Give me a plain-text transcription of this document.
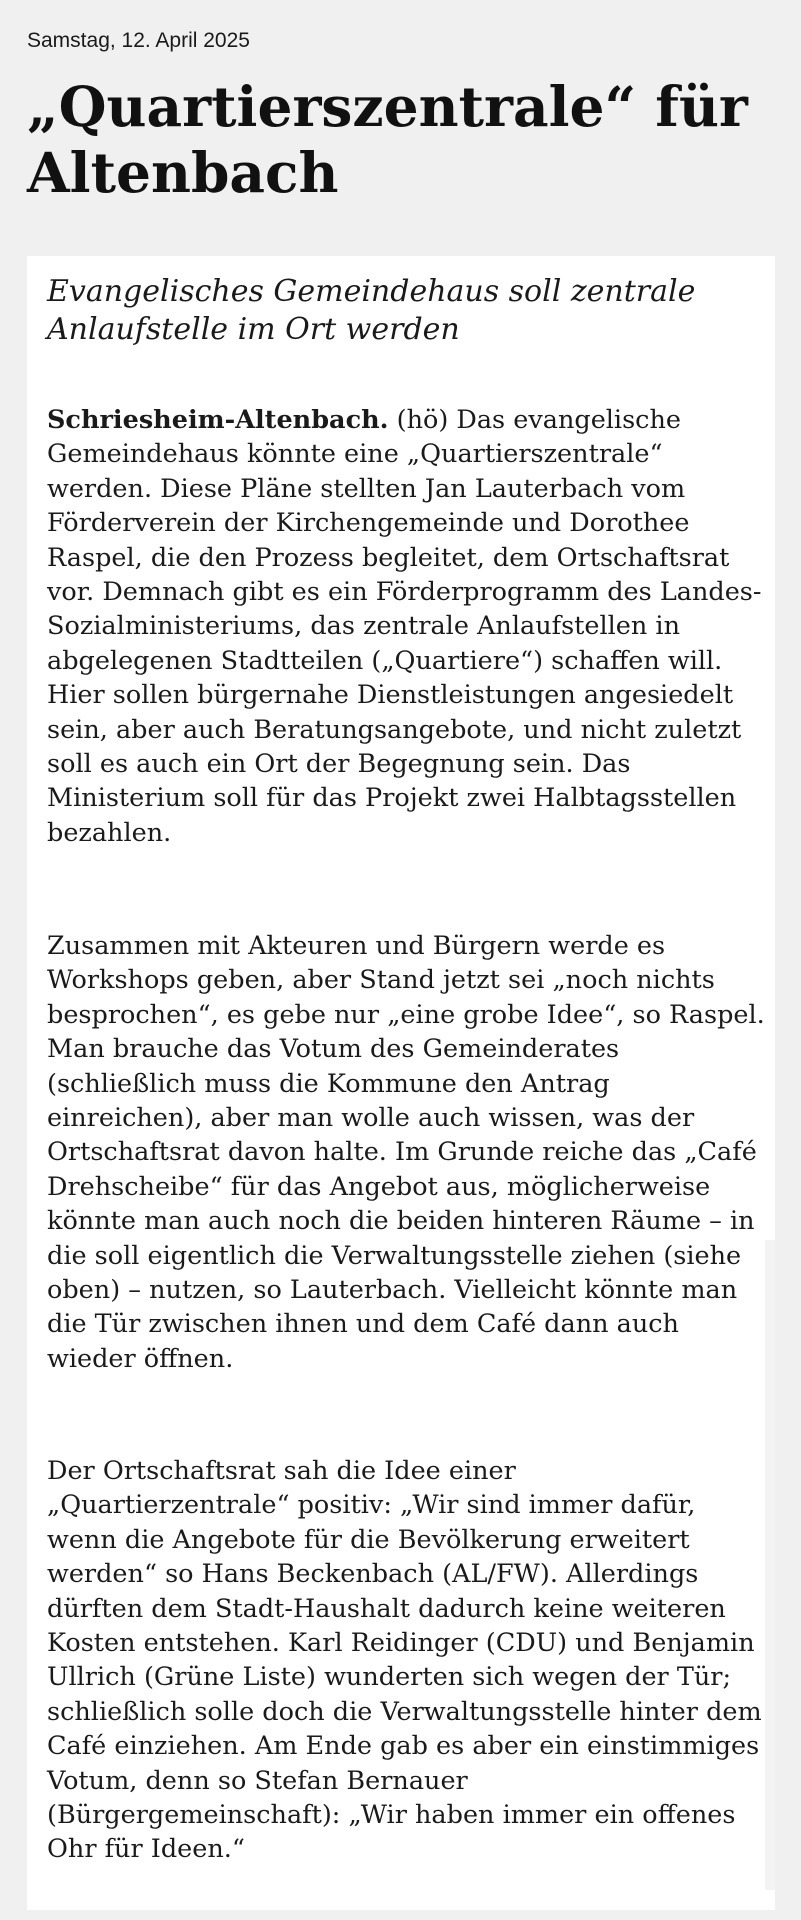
Samstag, 12. April 2025
„Quartierszentrale“ für Altenbach
Evangelisches Gemeindehaus soll zentrale Anlaufstelle im Ort werden

Schriesheim-Altenbach. (hö) Das evangelische Gemeindehaus könnte eine „Quartierszentrale“ werden. Diese Pläne stellten Jan Lauterbach vom Förderverein der Kirchengemeinde und Dorothee Raspel, die den Prozess begleitet, dem Ortschaftsrat vor. Demnach gibt es ein Förderprogramm des Landes-Sozialministeriums, das zentrale Anlaufstellen in abgelegenen Stadtteilen („Quartiere“) schaffen will. Hier sollen bürgernahe Dienstleistungen angesiedelt sein, aber auch Beratungsangebote, und nicht zuletzt soll es auch ein Ort der Begegnung sein. Das Ministerium soll für das Projekt zwei Halbtagsstellen bezahlen.

Zusammen mit Akteuren und Bürgern werde es Workshops geben, aber Stand jetzt sei „noch nichts besprochen“, es gebe nur „eine grobe Idee“, so Raspel. Man brauche das Votum des Gemeinderates (schließlich muss die Kommune den Antrag einreichen), aber man wolle auch wissen, was der Ortschaftsrat davon halte. Im Grunde reiche das „Café Drehscheibe“ für das Angebot aus, möglicherweise könnte man auch noch die beiden hinteren Räume – in die soll eigentlich die Verwaltungsstelle ziehen (siehe oben) – nutzen, so Lauterbach. Vielleicht könnte man die Tür zwischen ihnen und dem Café dann auch wieder öffnen.

Der Ortschaftsrat sah die Idee einer „Quartierzentrale“ positiv: „Wir sind immer dafür, wenn die Angebote für die Bevölkerung erweitert werden“ so Hans Beckenbach (AL/FW). Allerdings dürften dem Stadt-Haushalt dadurch keine weiteren Kosten entstehen. Karl Reidinger (CDU) und Benjamin Ullrich (Grüne Liste) wunderten sich wegen der Tür; schließlich solle doch die Verwaltungsstelle hinter dem Café einziehen. Am Ende gab es aber ein einstimmiges Votum, denn so Stefan Bernauer (Bürgergemeinschaft): „Wir haben immer ein offenes Ohr für Ideen.“
